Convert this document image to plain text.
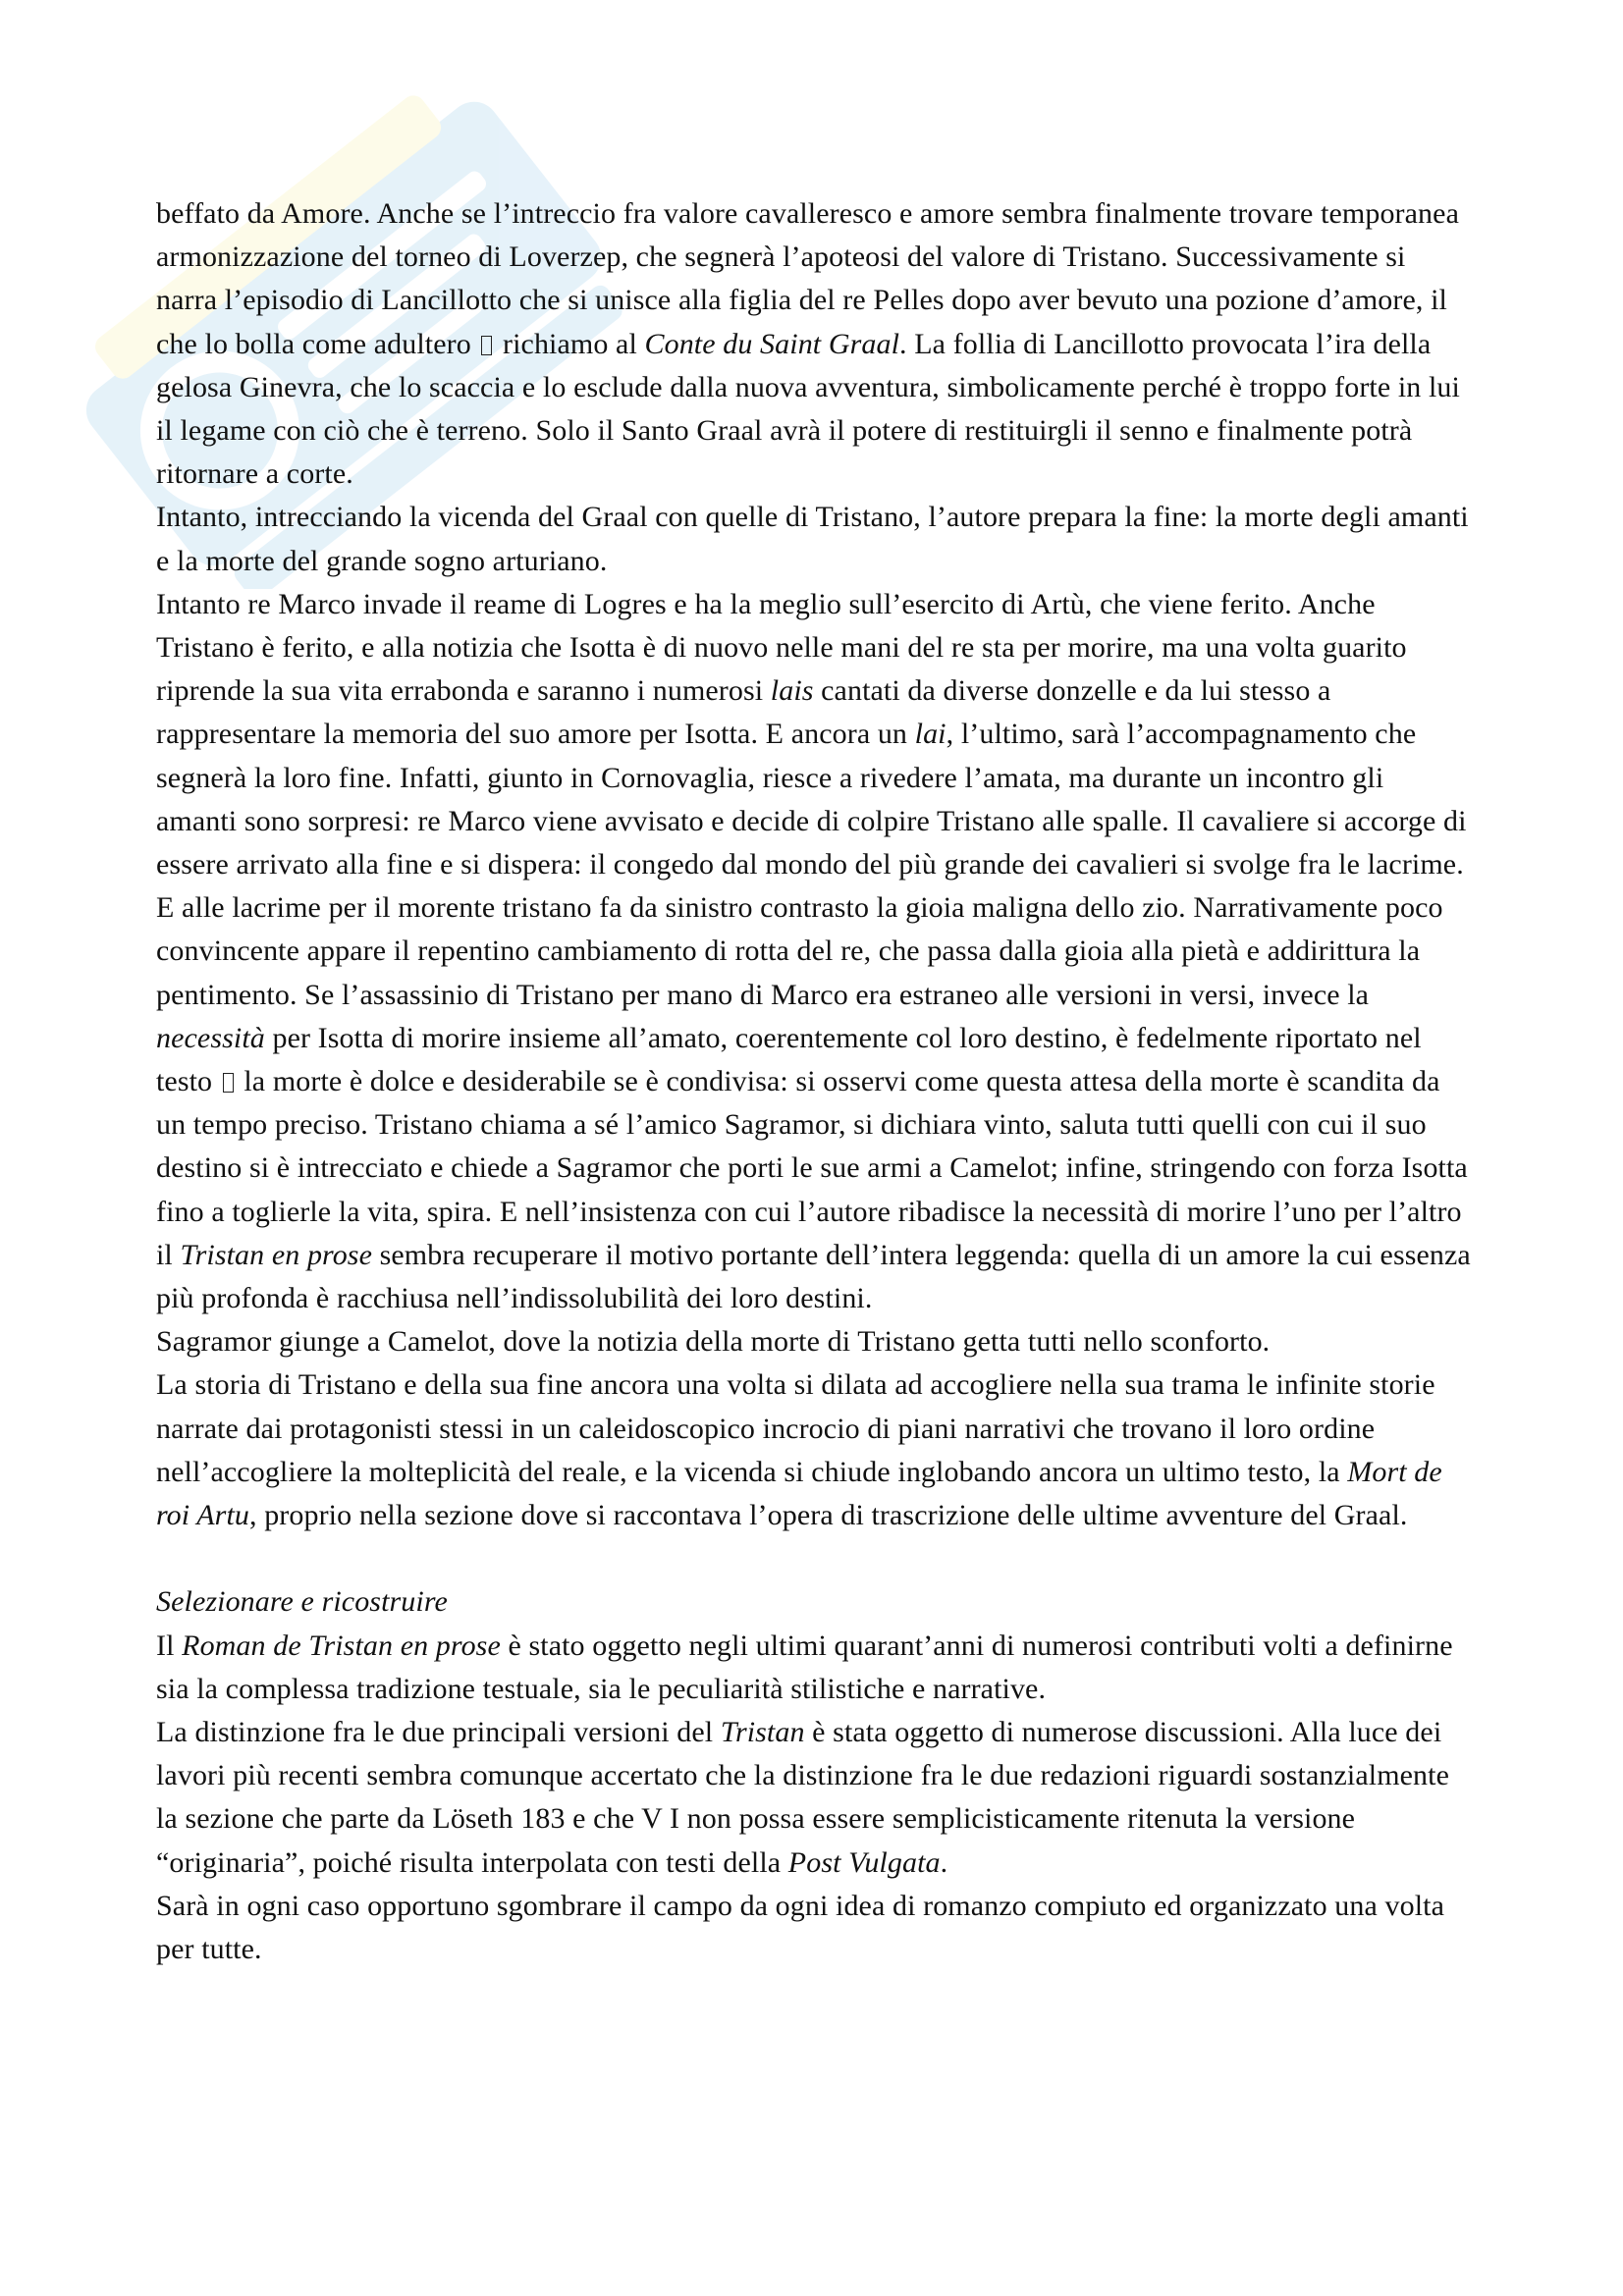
beffato da Amore. Anche se l’intreccio fra valore cavalleresco e amore sembra finalmente trovare temporanea armonizzazione del torneo di Loverzep, che segnerà l’apoteosi del valore di Tristano. Successivamente si narra l’episodio di Lancillotto che si unisce alla figlia del re Pelles dopo aver bevuto una pozione d’amore, il che lo bolla come adultero  richiamo al Conte du Saint Graal. La follia di Lancillotto provocata l’ira della gelosa Ginevra, che lo scaccia e lo esclude dalla nuova avventura, simbolicamente perché è troppo forte in lui il legame con ciò che è terreno. Solo il Santo Graal avrà il potere di restituirgli il senno e finalmente potrà ritornare a corte.

Intanto, intrecciando la vicenda del Graal con quelle di Tristano, l’autore prepara la fine: la morte degli amanti e la morte del grande sogno arturiano.

Intanto re Marco invade il reame di Logres e ha la meglio sull’esercito di Artù, che viene ferito. Anche Tristano è ferito, e alla notizia che Isotta è di nuovo nelle mani del re sta per morire, ma una volta guarito riprende la sua vita errabonda e saranno i numerosi lais cantati da diverse donzelle e da lui stesso a rappresentare la memoria del suo amore per Isotta. E ancora un lai, l’ultimo, sarà l’accompagnamento che segnerà la loro fine. Infatti, giunto in Cornovaglia, riesce a rivedere l’amata, ma durante un incontro gli amanti sono sorpresi: re Marco viene avvisato e decide di colpire Tristano alle spalle. Il cavaliere si accorge di essere arrivato alla fine e si dispera: il congedo dal mondo del più grande dei cavalieri si svolge fra le lacrime. E alle lacrime per il morente tristano fa da sinistro contrasto la gioia maligna dello zio. Narrativamente poco convincente appare il repentino cambiamento di rotta del re, che passa dalla gioia alla pietà e addirittura la pentimento. Se l’assassinio di Tristano per mano di Marco era estraneo alle versioni in versi, invece la necessità per Isotta di morire insieme all’amato, coerentemente col loro destino, è fedelmente riportato nel testo  la morte è dolce e desiderabile se è condivisa: si osservi come questa attesa della morte è scandita da un tempo preciso. Tristano chiama a sé l’amico Sagramor, si dichiara vinto, saluta tutti quelli con cui il suo destino si è intrecciato e chiede a Sagramor che porti le sue armi a Camelot; infine, stringendo con forza Isotta fino a toglierle la vita, spira. E nell’insistenza con cui l’autore ribadisce la necessità di morire l’uno per l’altro il Tristan en prose sembra recuperare il motivo portante dell’intera leggenda: quella di un amore la cui essenza più profonda è racchiusa nell’indissolubilità dei loro destini.

Sagramor giunge a Camelot, dove la notizia della morte di Tristano getta tutti nello sconforto.

La storia di Tristano e della sua fine ancora una volta si dilata ad accogliere nella sua trama le infinite storie narrate dai protagonisti stessi in un caleidoscopico incrocio di piani narrativi che trovano il loro ordine nell’accogliere la molteplicità del reale, e la vicenda si chiude inglobando ancora un ultimo testo, la Mort de roi Artu, proprio nella sezione dove si raccontava l’opera di trascrizione delle ultime avventure del Graal.

Selezionare e ricostruire

Il Roman de Tristan en prose è stato oggetto negli ultimi quarant’anni di numerosi contributi volti a definirne sia la complessa tradizione testuale, sia le peculiarità stilistiche e narrative.

La distinzione fra le due principali versioni del Tristan è stata oggetto di numerose discussioni. Alla luce dei lavori più recenti sembra comunque accertato che la distinzione fra le due redazioni riguardi sostanzialmente la sezione che parte da Löseth 183 e che V I non possa essere semplicisticamente ritenuta la versione “originaria”, poiché risulta interpolata con testi della Post Vulgata.

Sarà in ogni caso opportuno sgombrare il campo da ogni idea di romanzo compiuto ed organizzato una volta per tutte.
